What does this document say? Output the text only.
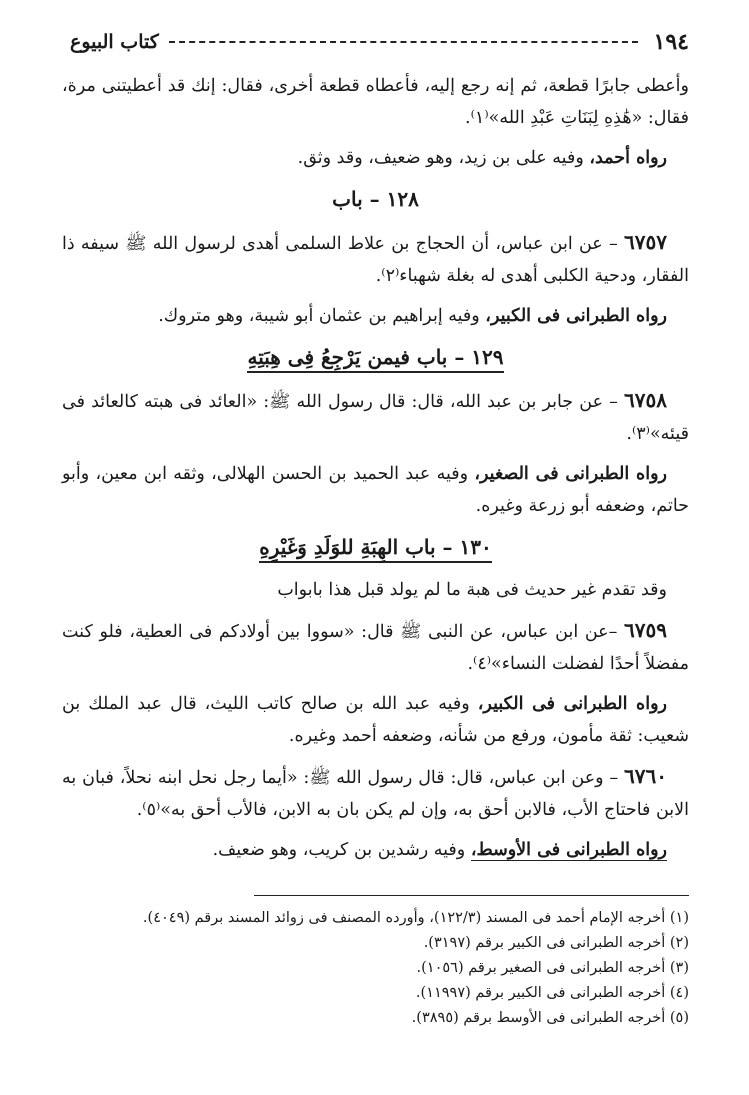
١٩٤
كتاب البيوع

وأعطى جابرًا قطعة، ثم إنه رجع إليه، فأعطاه قطعة أخرى، فقال: إنك قد أعطيتنى مرة، فقال: «هَٰذِهِ لِبَنَاتِ عَبْدِ الله»⁽١⁾.

رواه أحمد، وفيه على بن زيد، وهو ضعيف، وقد وثق.

١٢٨ – باب

٦٧٥٧ – عن ابن عباس، أن الحجاج بن علاط السلمى أهدى لرسول الله ﷺ سيفه ذا الفقار، ودحية الكلبى أهدى له بغلة شهباء⁽٢⁾.

رواه الطبرانى فى الكبير، وفيه إبراهيم بن عثمان أبو شيبة، وهو متروك.

١٢٩ – باب فيمن يَرْجِعُ فِى هِبَتِهِ

٦٧٥٨ – عن جابر بن عبد الله، قال: قال رسول الله ﷺ: «العائد فى هبته كالعائد فى قيئه»⁽٣⁾.

رواه الطبرانى فى الصغير، وفيه عبد الحميد بن الحسن الهلالى، وثقه ابن معين، وأبو حاتم، وضعفه أبو زرعة وغيره.

١٣٠ – باب الهِبَةِ للوَلَدِ وَغَيْرِهِ

وقد تقدم غير حديث فى هبة ما لم يولد قبل هذا بابواب

٦٧٥٩ –عن ابن عباس، عن النبى ﷺ قال: «سووا بين أولادكم فى العطية، فلو كنت مفضلاً أحدًا لفضلت النساء»⁽٤⁾.

رواه الطبرانى فى الكبير، وفيه عبد الله بن صالح كاتب الليث، قال عبد الملك بن شعيب: ثقة مأمون، ورفع من شأنه، وضعفه أحمد وغيره.

٦٧٦٠ – وعن ابن عباس، قال: قال رسول الله ﷺ: «أيما رجل نحل ابنه نحلاً، فبان به الابن فاحتاج الأب، فالابن أحق به، وإن لم يكن بان به الابن، فالأب أحق به»⁽٥⁾.

رواه الطبرانى فى الأوسط، وفيه رشدين بن كريب، وهو ضعيف.

(١) أخرجه الإمام أحمد فى المسند (١٢٢/٣)، وأورده المصنف فى زوائد المسند برقم (٤٠٤٩).
(٢) أخرجه الطبرانى فى الكبير برقم (٣١٩٧).
(٣) أخرجه الطبرانى فى الصغير برقم (١٠٥٦).
(٤) أخرجه الطبرانى فى الكبير برقم (١١٩٩٧).
(٥) أخرجه الطبرانى فى الأوسط برقم (٣٨٩٥).
